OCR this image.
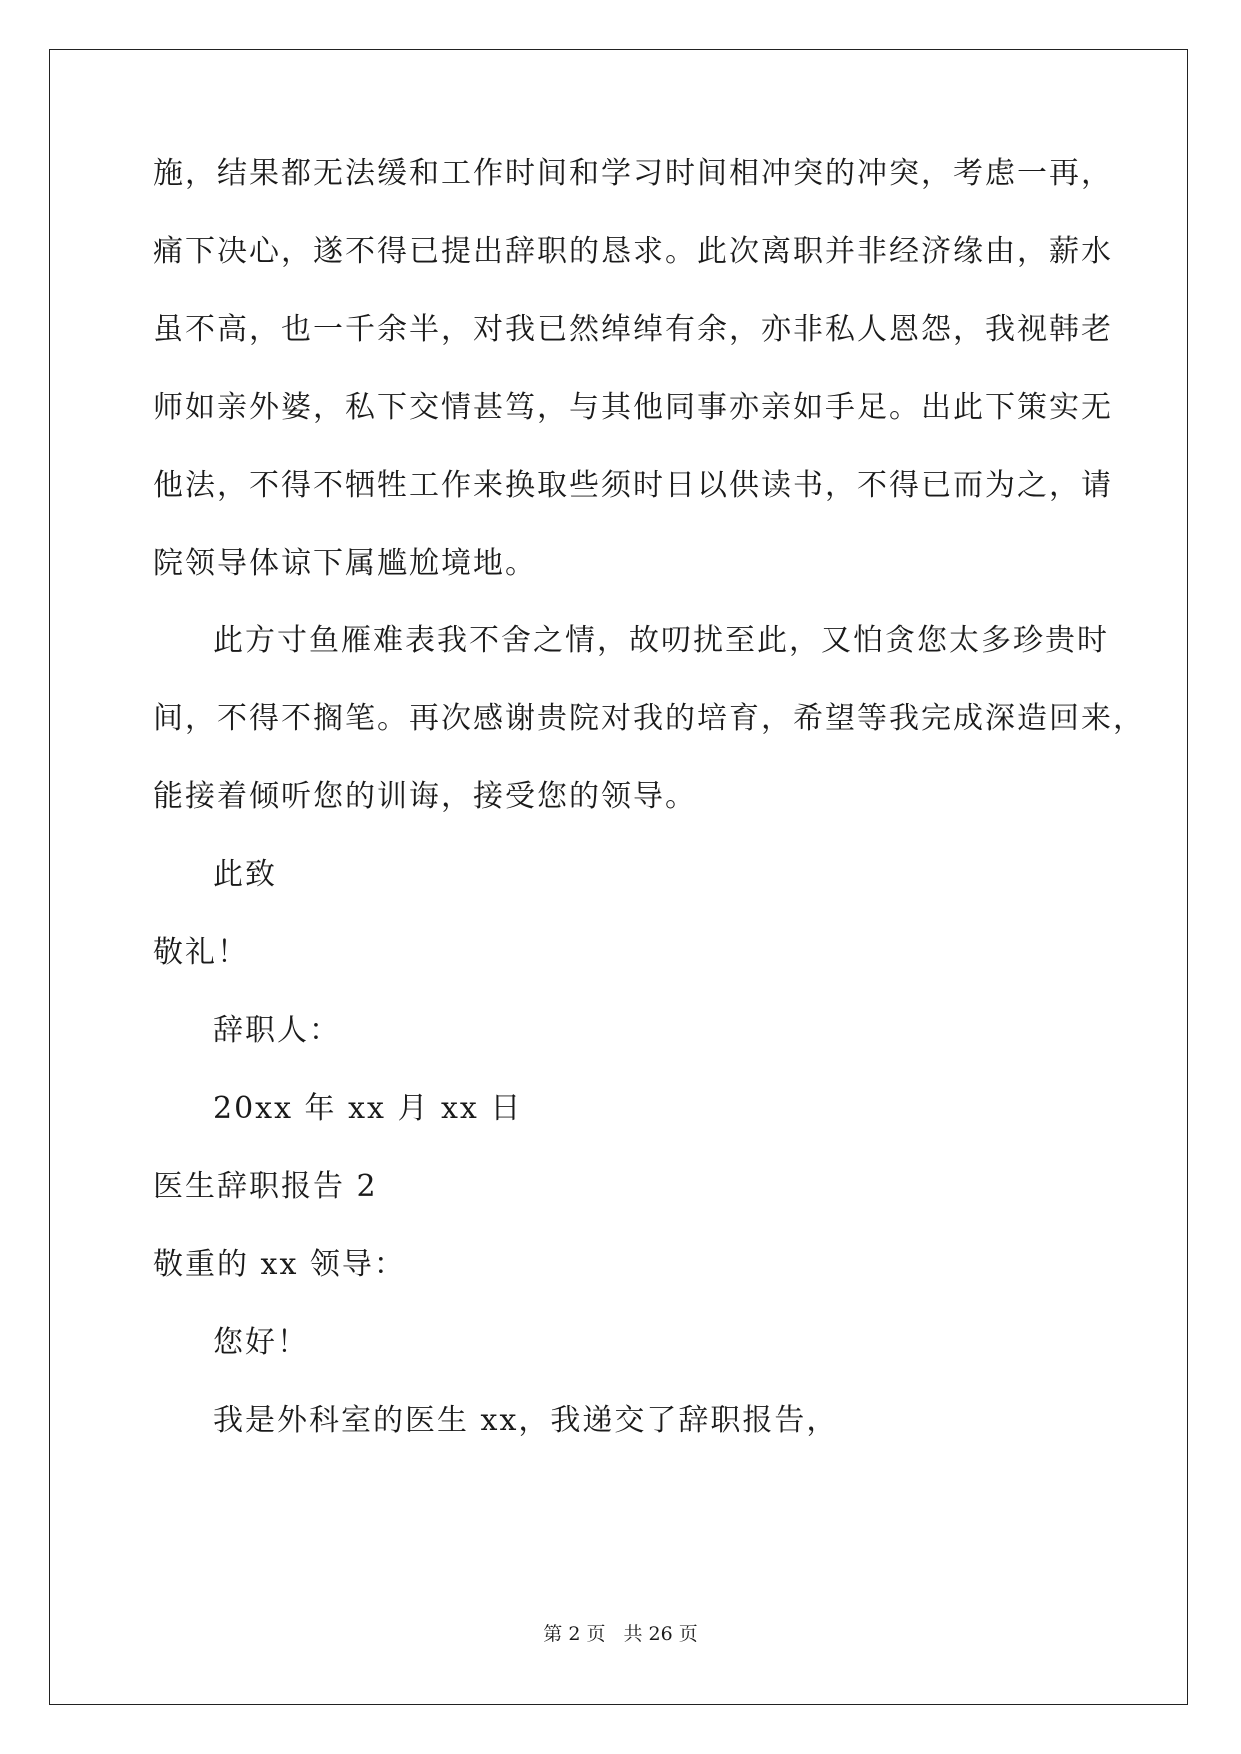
施，结果都无法缓和工作时间和学习时间相冲突的冲突，考虑一再，
痛下决心，遂不得已提出辞职的恳求。此次离职并非经济缘由，薪水
虽不高，也一千余半，对我已然绰绰有余，亦非私人恩怨，我视韩老
师如亲外婆，私下交情甚笃，与其他同事亦亲如手足。出此下策实无
他法，不得不牺牲工作来换取些须时日以供读书，不得已而为之，请
院领导体谅下属尴尬境地。
此方寸鱼雁难表我不舍之情，故叨扰至此，又怕贪您太多珍贵时
间，不得不搁笔。再次感谢贵院对我的培育，希望等我完成深造回来，
能接着倾听您的训诲，接受您的领导。
此致
敬礼！
辞职人：
20xx 年 xx 月 xx 日
医生辞职报告 2
敬重的 xx 领导：
您好！
我是外科室的医生 xx，我递交了辞职报告，
第 2 页 共 26 页
